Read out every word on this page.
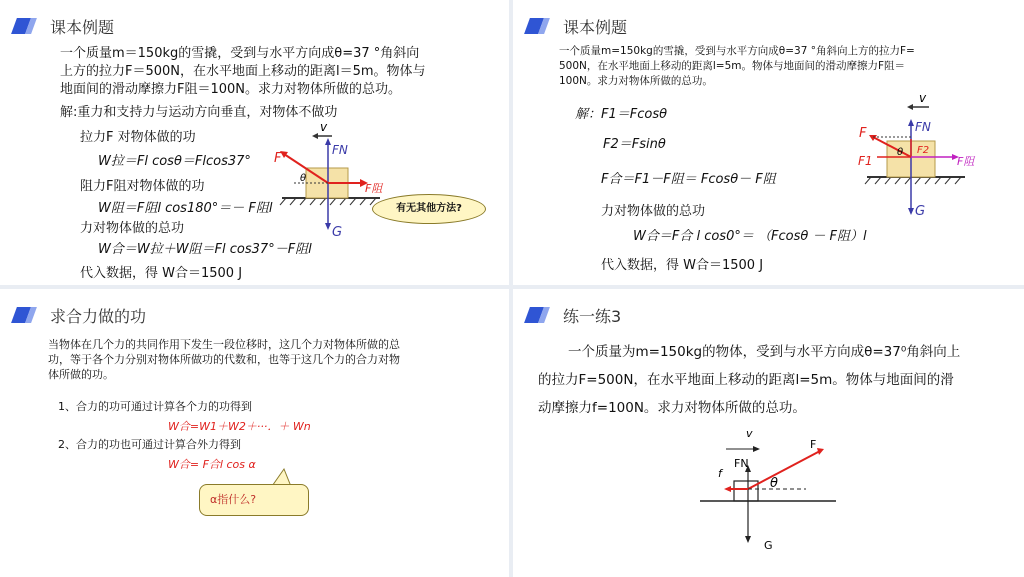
课本例题
一个质量m＝150kg的雪撬，受到与水平方向成θ=37 °角斜向
上方的拉力F＝500N，在水平地面上移动的距离l＝5m。物体与
地面间的滑动摩擦力F阻＝100N。求力对物体所做的总功。
解:重力和支持力与运动方向垂直，对物体不做功
拉力F 对物体做的功
W拉＝Fl cosθ＝Flcos37°
阻力F阻对物体做的功
W阻＝F阻l cos180°＝－ F阻l
力对物体做的总功
W合＝W拉＋W阻＝Fl cos37°－F阻l
代入数据，得 W合＝1500 J
v
FN
G
F
F阻
θ
有无其他方法?
课本例题
一个质量m=150kg的雪撬，受到与水平方向成θ=37 °角斜向上方的拉力F=
500N，在水平地面上移动的距离l=5m。物体与地面间的滑动摩擦力F阻＝
100N。求力对物体所做的总功。
解：F1＝Fcosθ
F2＝Fsinθ
F合＝F1－F阻＝ Fcosθ－ F阻
力对物体做的总功
W合＝F合 l cos0°＝ （Fcosθ － F阻）l
代入数据，得 W合＝1500 J
v
FN
G
F
F1
F2
F阻
θ
求合力做的功
当物体在几个力的共同作用下发生一段位移时，这几个力对物体所做的总
功，等于各个力分别对物体所做功的代数和，也等于这几个力的合力对物
体所做的功。
1、合力的功可通过计算各个力的功得到
W合=W1＋W2＋···．＋ Wn
2、合力的功也可通过计算合外力得到
W合= F合l cos α
α指什么?
练一练3
一个质量为m=150kg的物体，受到与水平方向成θ=37⁰角斜向上
的拉力F=500N，在水平地面上移动的距离l=5m。物体与地面间的滑
动摩擦力f=100N。求力对物体所做的总功。
v
FN
G
F
f
θ
